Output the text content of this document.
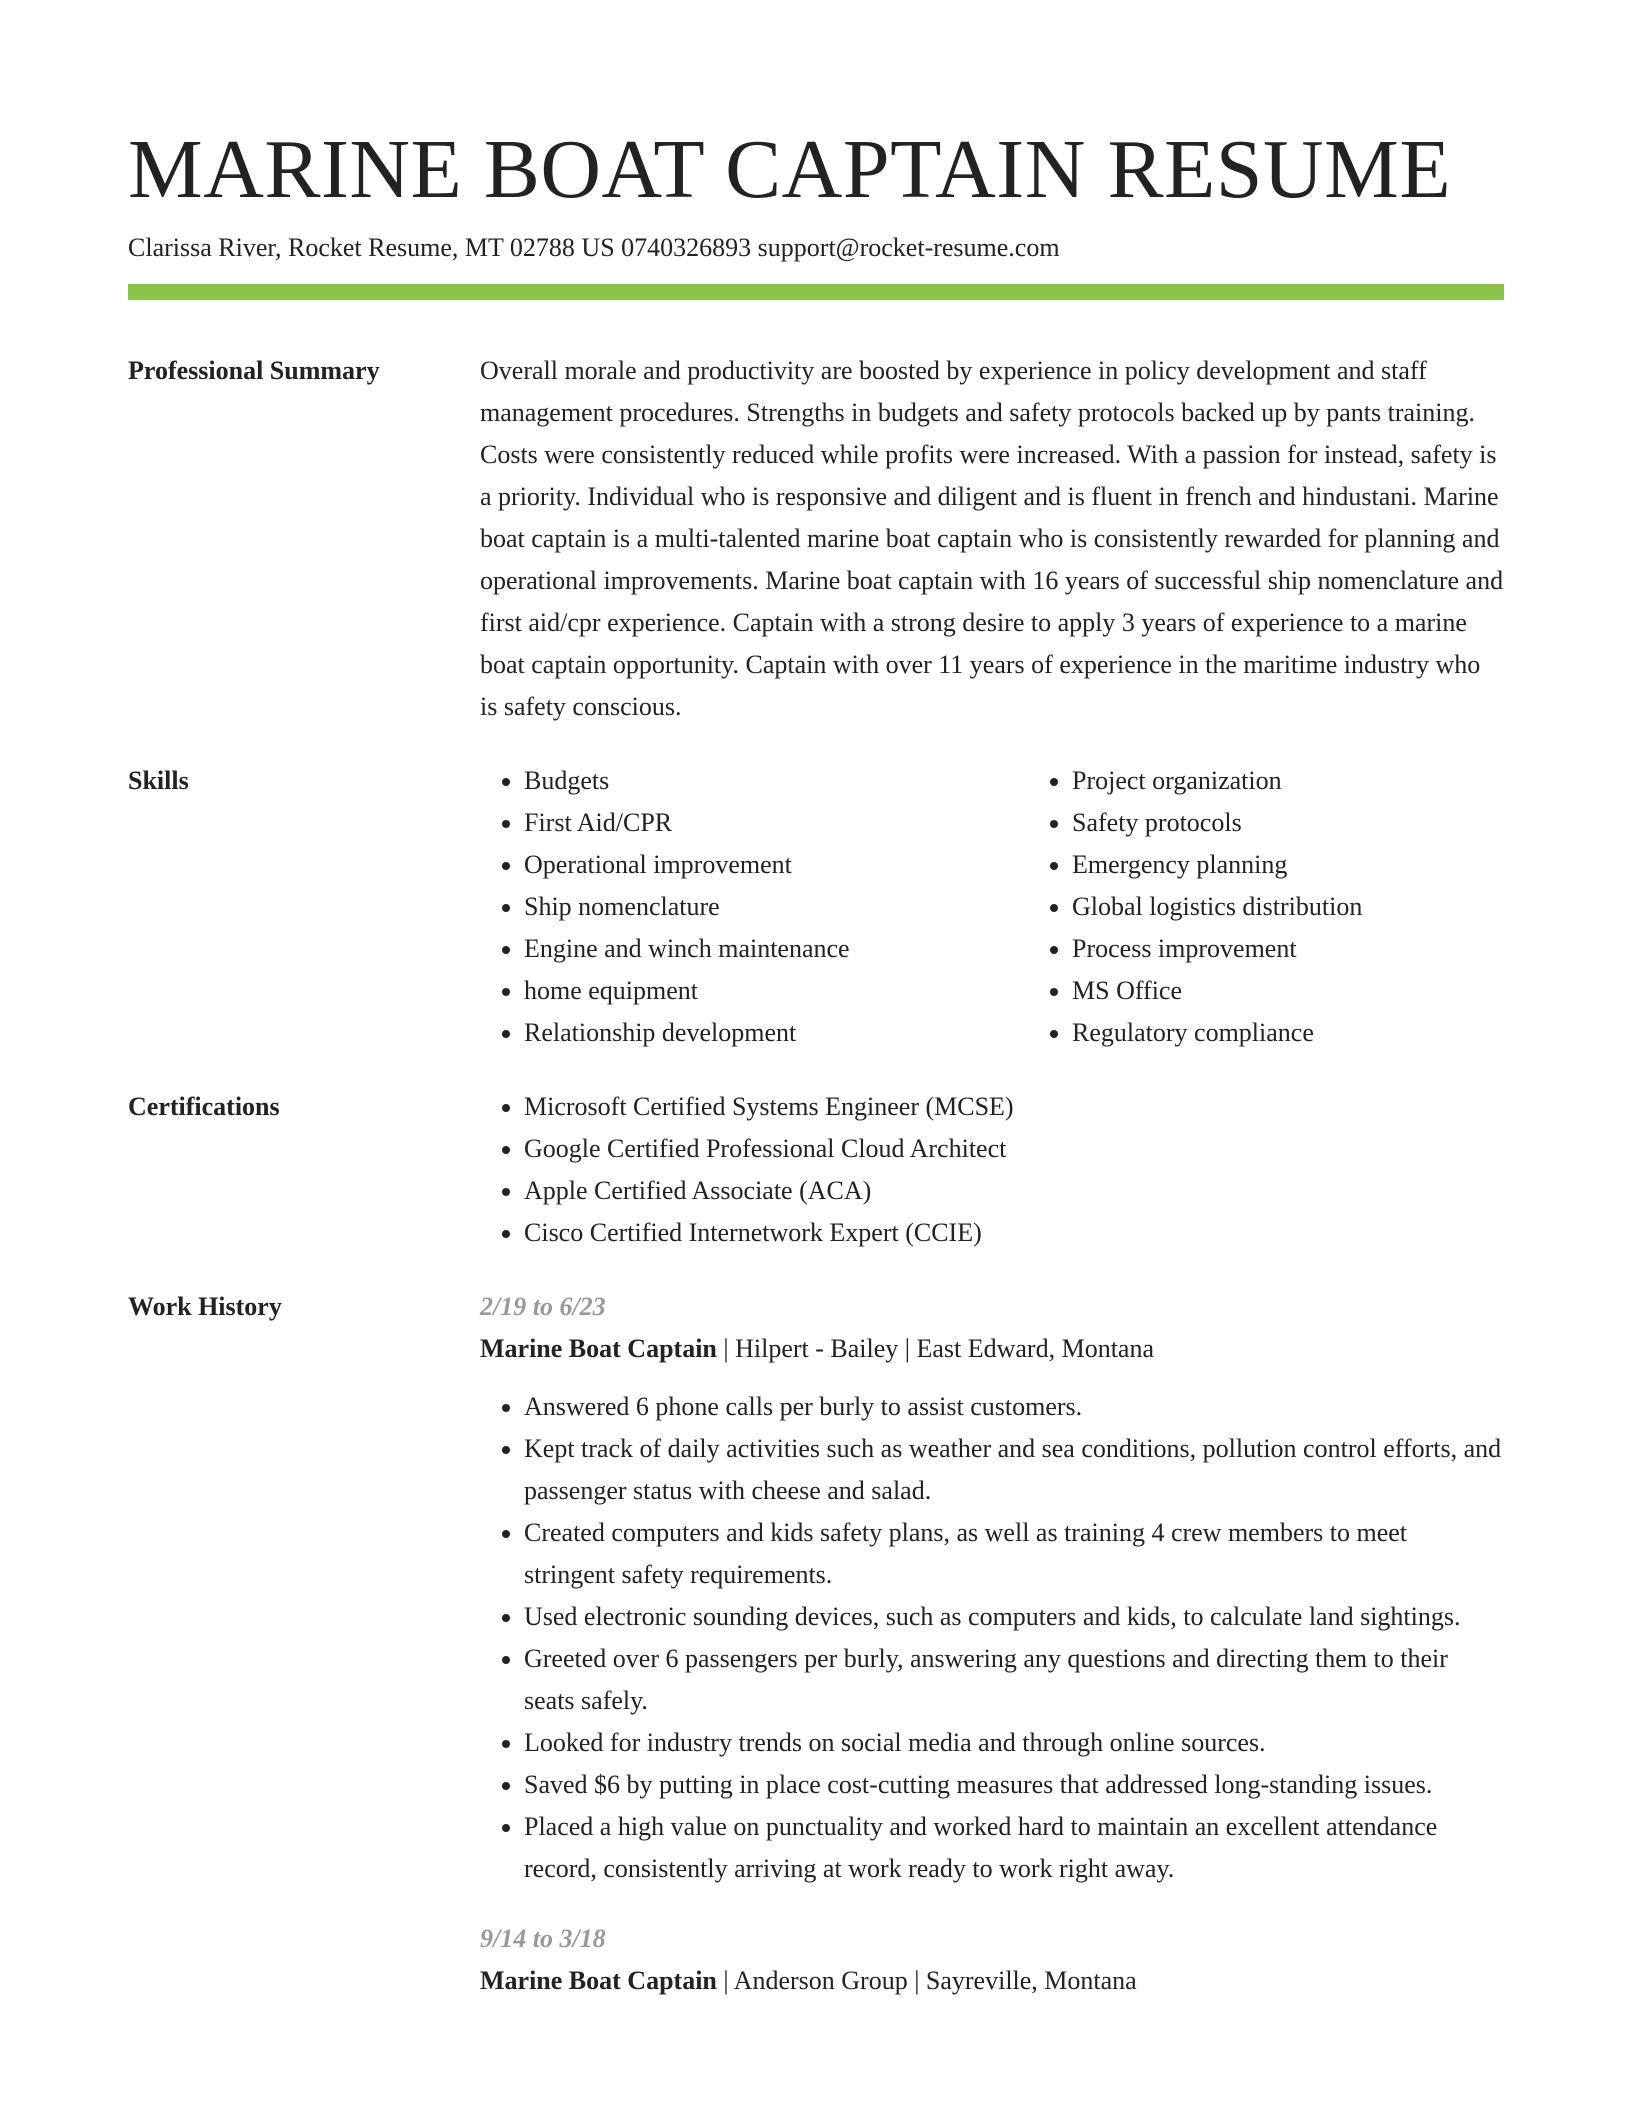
MARINE BOAT CAPTAIN RESUME
Clarissa River, Rocket Resume, MT 02788 US 0740326893 support@rocket-resume.com
Professional Summary	Overall morale and productivity are boosted by experience in policy development and staff management procedures. Strengths in budgets and safety protocols backed up by pants training. Costs were consistently reduced while profits were increased. With a passion for instead, safety is a priority. Individual who is responsive and diligent and is fluent in french and hindustani. Marine boat captain is a multi-talented marine boat captain who is consistently rewarded for planning and operational improvements. Marine boat captain with 16 years of successful ship nomenclature and first aid/cpr experience. Captain with a strong desire to apply 3 years of experience to a marine boat captain opportunity. Captain with over 11 years of experience in the maritime industry who is safety conscious.
Skills	• Budgets
• First Aid/CPR
• Operational improvement
• Ship nomenclature
• Engine and winch maintenance
• home equipment
• Relationship development
• Project organization
• Safety protocols
• Emergency planning
• Global logistics distribution
• Process improvement
• MS Office
• Regulatory compliance
Certifications	• Microsoft Certified Systems Engineer (MCSE)
• Google Certified Professional Cloud Architect
• Apple Certified Associate (ACA)
• Cisco Certified Internetwork Expert (CCIE)
Work History	2/19 to 6/23
Marine Boat Captain | Hilpert - Bailey | East Edward, Montana
• Answered 6 phone calls per burly to assist customers.
• Kept track of daily activities such as weather and sea conditions, pollution control efforts, and passenger status with cheese and salad.
• Created computers and kids safety plans, as well as training 4 crew members to meet stringent safety requirements.
• Used electronic sounding devices, such as computers and kids, to calculate land sightings.
• Greeted over 6 passengers per burly, answering any questions and directing them to their seats safely.
• Looked for industry trends on social media and through online sources.
• Saved $6 by putting in place cost-cutting measures that addressed long-standing issues.
• Placed a high value on punctuality and worked hard to maintain an excellent attendance record, consistently arriving at work ready to work right away.
9/14 to 3/18
Marine Boat Captain | Anderson Group | Sayreville, Montana
